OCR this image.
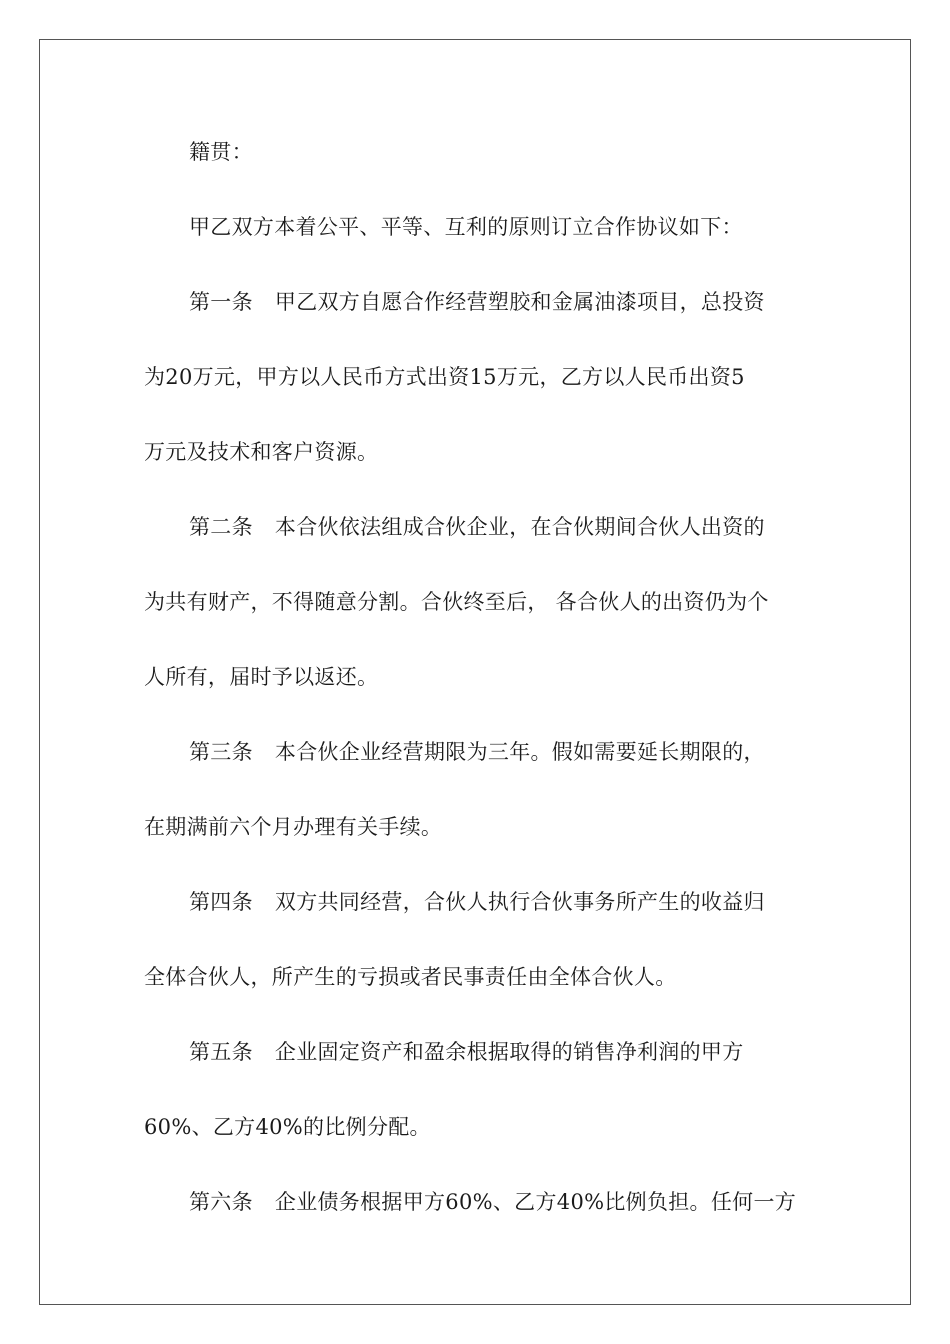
籍贯：
甲乙双方本着公平、平等、互利的原则订立合作协议如下：
第一条 甲乙双方自愿合作经营塑胶和金属油漆项目，总投资
为20万元，甲方以人民币方式出资15万元，乙方以人民币出资5
万元及技术和客户资源。
第二条 本合伙依法组成合伙企业，在合伙期间合伙人出资的
为共有财产，不得随意分割。合伙终至后， 各合伙人的出资仍为个
人所有，届时予以返还。
第三条 本合伙企业经营期限为三年。假如需要延长期限的，
在期满前六个月办理有关手续。
第四条 双方共同经营，合伙人执行合伙事务所产生的收益归
全体合伙人，所产生的亏损或者民事责任由全体合伙人。
第五条 企业固定资产和盈余根据取得的销售净利润的甲方
60%、乙方40%的比例分配。
第六条 企业债务根据甲方60%、乙方40%比例负担。任何一方
